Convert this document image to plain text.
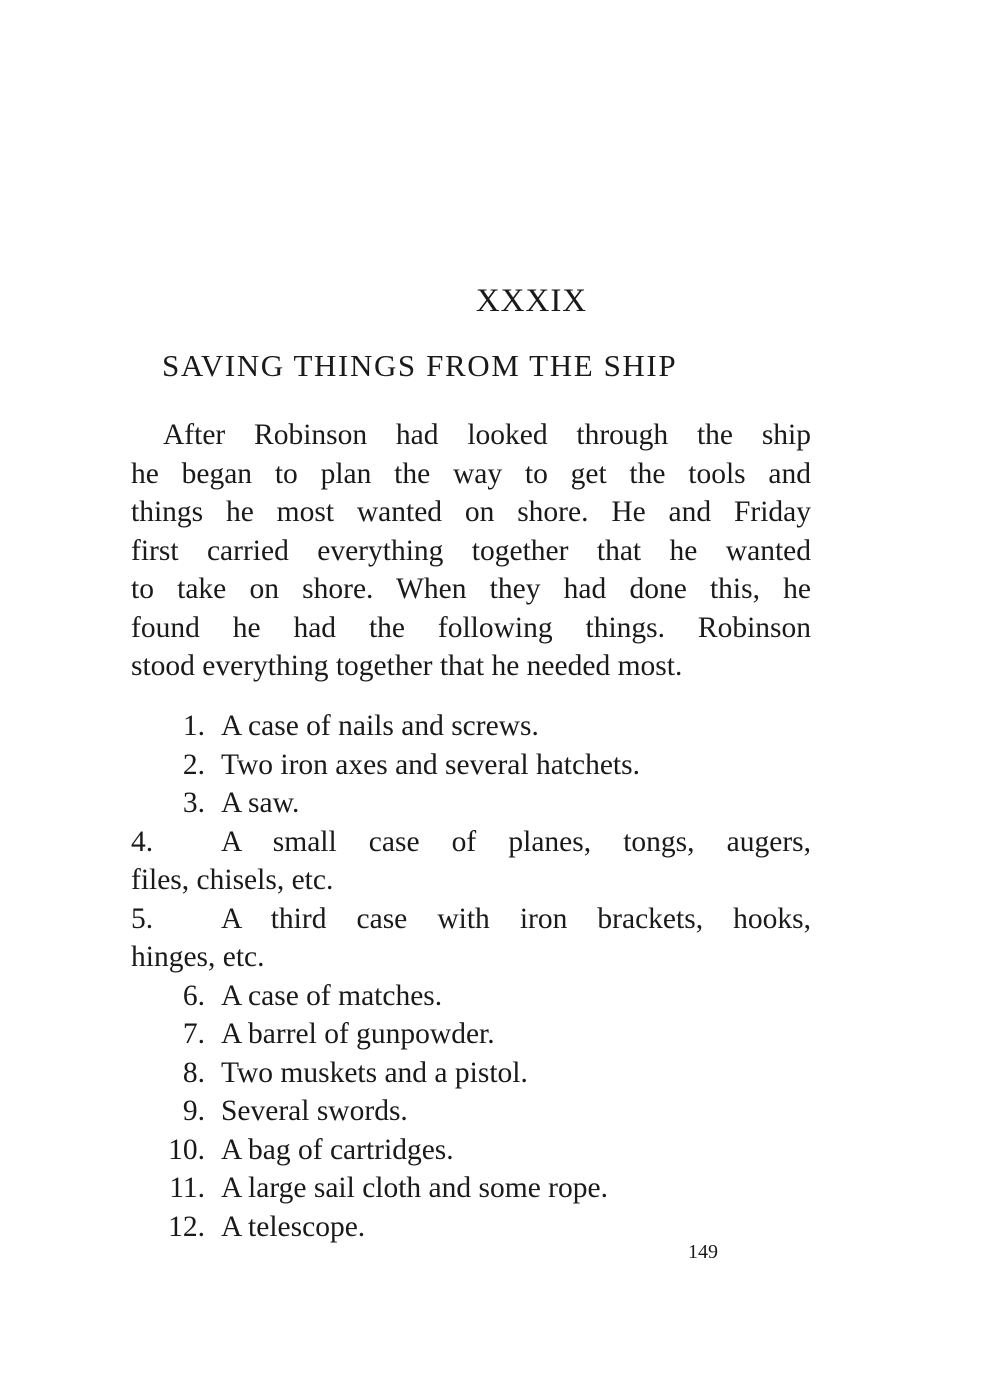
XXXIX
SAVING THINGS FROM THE SHIP
After Robinson had looked through the ship
he began to plan the way to get the tools and
things he most wanted on shore. He and Friday
first carried everything together that he wanted
to take on shore. When they had done this, he
found he had the following things. Robinson
stood everything together that he needed most.
1. A case of nails and screws.
2. Two iron axes and several hatchets.
3. A saw.
4. A small case of planes, tongs, augers,
files, chisels, etc.
5. A third case with iron brackets, hooks,
hinges, etc.
6. A case of matches.
7. A barrel of gunpowder.
8. Two muskets and a pistol.
9. Several swords.
10. A bag of cartridges.
11. A large sail cloth and some rope.
12. A telescope.
149
